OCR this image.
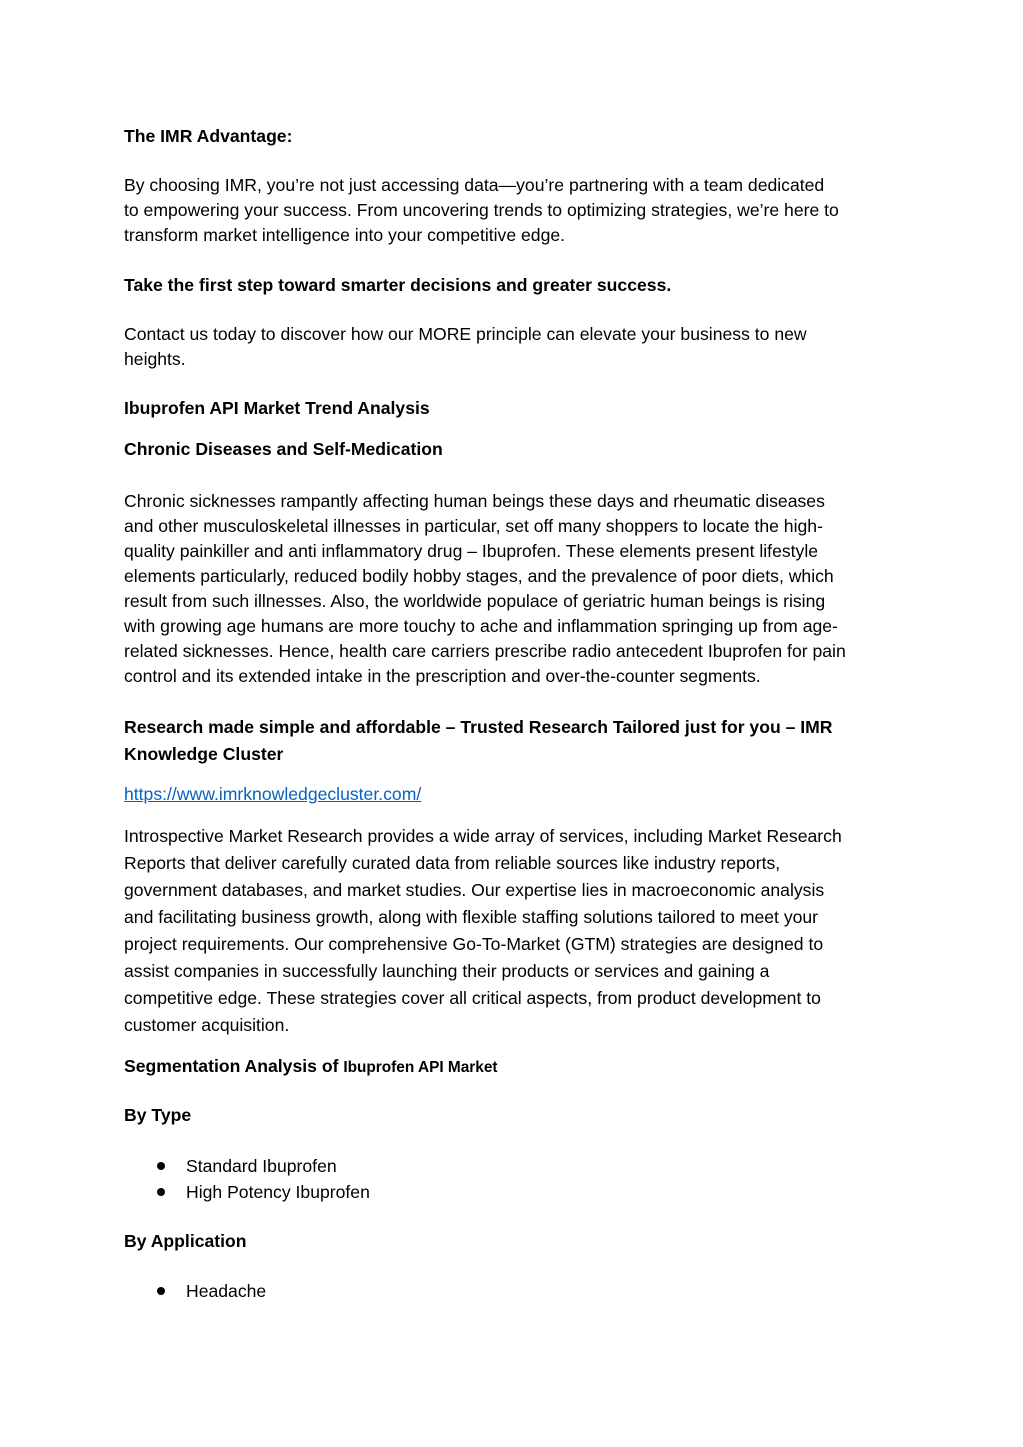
The IMR Advantage:

By choosing IMR, you’re not just accessing data—you’re partnering with a team dedicated
to empowering your success. From uncovering trends to optimizing strategies, we’re here to
transform market intelligence into your competitive edge.

Take the first step toward smarter decisions and greater success.

Contact us today to discover how our MORE principle can elevate your business to new
heights.

Ibuprofen API Market Trend Analysis

Chronic Diseases and Self-Medication

Chronic sicknesses rampantly affecting human beings these days and rheumatic diseases
and other musculoskeletal illnesses in particular, set off many shoppers to locate the high-
quality painkiller and anti inflammatory drug – Ibuprofen. These elements present lifestyle
elements particularly, reduced bodily hobby stages, and the prevalence of poor diets, which
result from such illnesses. Also, the worldwide populace of geriatric human beings is rising
with growing age humans are more touchy to ache and inflammation springing up from age-
related sicknesses. Hence, health care carriers prescribe radio antecedent Ibuprofen for pain
control and its extended intake in the prescription and over-the-counter segments.

Research made simple and affordable – Trusted Research Tailored just for you – IMR
Knowledge Cluster

https://www.imrknowledgecluster.com/

Introspective Market Research provides a wide array of services, including Market Research
Reports that deliver carefully curated data from reliable sources like industry reports,
government databases, and market studies. Our expertise lies in macroeconomic analysis
and facilitating business growth, along with flexible staffing solutions tailored to meet your
project requirements. Our comprehensive Go-To-Market (GTM) strategies are designed to
assist companies in successfully launching their products or services and gaining a
competitive edge. These strategies cover all critical aspects, from product development to
customer acquisition.

Segmentation Analysis of Ibuprofen API Market

By Type

Standard Ibuprofen
High Potency Ibuprofen

By Application

Headache
